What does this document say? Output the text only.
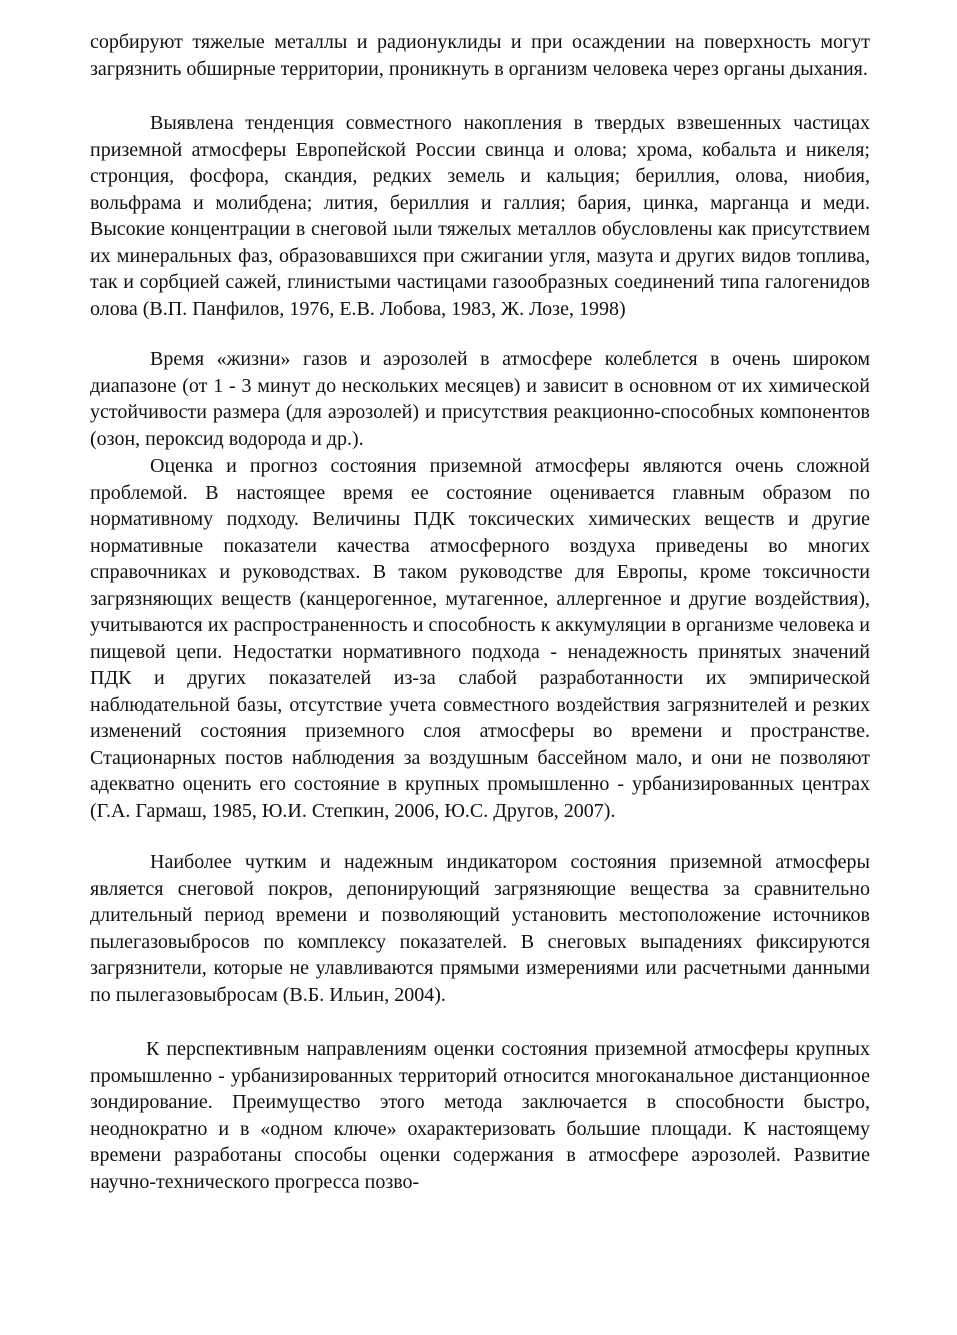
сорбируют тяжелые металлы и радионуклиды и при осаждении на поверхность могут загрязнить обширные территории, проникнуть в организм человека через органы дыхания.

Выявлена тенденция совместного накопления в твердых взвешенных частицах приземной атмосферы Европейской России свинца и олова; хрома, кобальта и никеля; стронция, фосфора, скандия, редких земель и кальция; бериллия, олова, ниобия, вольфрама и молибдена; лития, бериллия и галлия; бария, цинка, марганца и меди. Высокие концентрации в снеговой ıыли тяжелых металлов обусловлены как присутствием их минеральных фаз, образовавшихся при сжигании угля, мазута и других видов топлива, так и сорбцией сажей, глинистыми частицами газообразных соединений типа галогенидов олова (В.П. Панфилов, 1976, Е.В. Лобова, 1983, Ж. Лозе, 1998)

Время «жизни» газов и аэрозолей в атмосфере колеблется в очень широком диапазоне (от 1 - 3 минут до нескольких месяцев) и зависит в основном от их химической устойчивости размера (для аэрозолей) и присутствия реакционно-способных компонентов (озон, пероксид водорода и др.).

Оценка и прогноз состояния приземной атмосферы являются очень сложной проблемой. В настоящее время ее состояние оценивается главным образом по нормативному подходу. Величины ПДК токсических химических веществ и другие нормативные показатели качества атмосферного воздуха приведены во многих справочниках и руководствах. В таком руководстве для Европы, кроме токсичности загрязняющих веществ (канцерогенное, мутагенное, аллергенное и другие воздействия), учитываются их распространенность и способность к аккумуляции в организме человека и пищевой цепи. Недостатки нормативного подхода - ненадежность принятых значений ПДК и других показателей из-за слабой разработанности их эмпирической наблюдательной базы, отсутствие учета совместного воздействия загрязнителей и резких изменений состояния приземного слоя атмосферы во времени и пространстве. Стационарных постов наблюдения за воздушным бассейном мало, и они не позволяют адекватно оценить его состояние в крупных промышленно - урбанизированных центрах (Г.А. Гармаш, 1985, Ю.И. Степкин, 2006, Ю.С. Другов, 2007).

Наиболее чутким и надежным индикатором состояния приземной атмосферы является снеговой покров, депонирующий загрязняющие вещества за сравнительно длительный период времени и позволяющий установить местоположение источников пылегазовыбросов по комплексу показателей. В снеговых выпадениях фиксируются загрязнители, которые не улавливаются прямыми измерениями или расчетными данными по пылегазовыбросам (В.Б. Ильин, 2004).

К перспективным направлениям оценки состояния приземной атмосферы крупных промышленно - урбанизированных территорий относится многоканальное дистанционное зондирование. Преимущество этого метода заключается в способности быстро, неоднократно и в «одном ключе» охарактеризовать большие площади. К настоящему времени разработаны способы оценки содержания в атмосфере аэрозолей. Развитие научно-технического прогресса позво-
